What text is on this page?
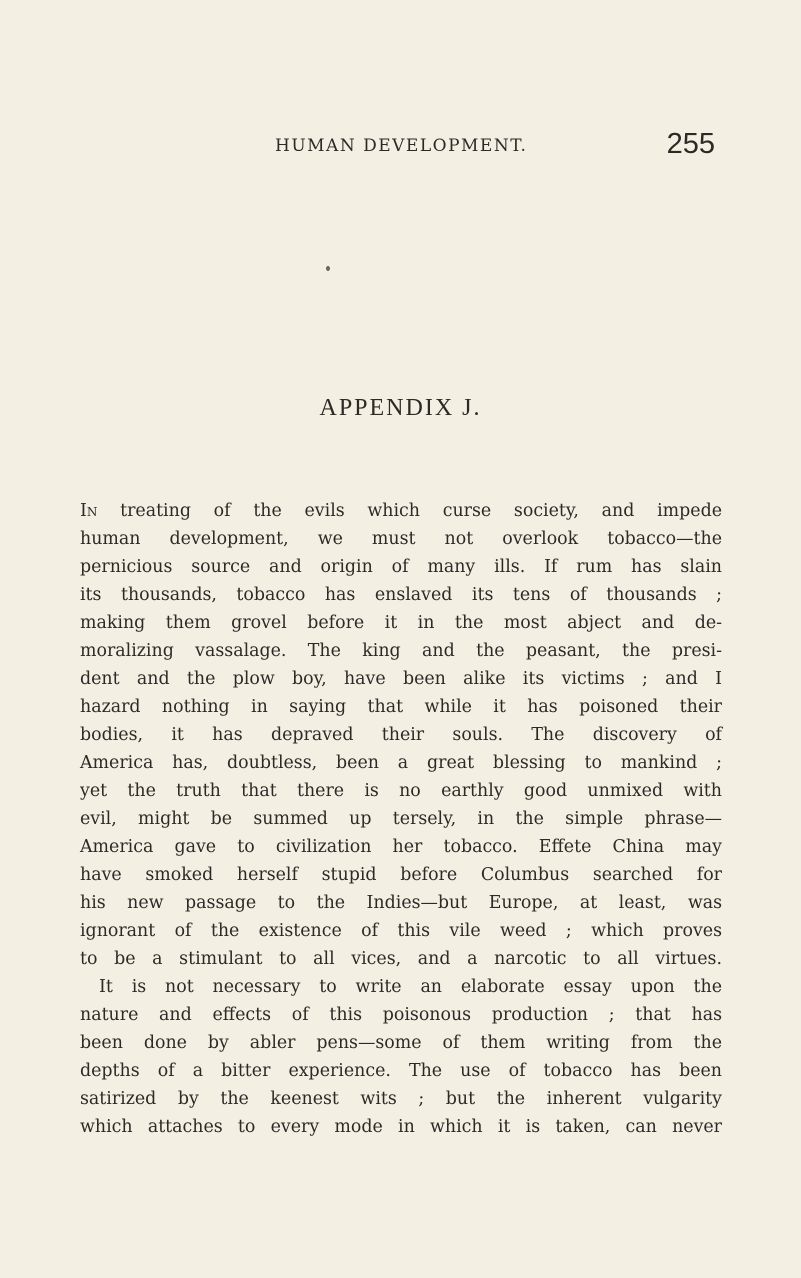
HUMAN DEVELOPMENT.	255
APPENDIX J.
In treating of the evils which curse society, and impede
human development, we must not overlook tobacco—the
pernicious source and origin of many ills. If rum has slain
its thousands, tobacco has enslaved its tens of thousands ;
making them grovel before it in the most abject and de-
moralizing vassalage. The king and the peasant, the presi-
dent and the plow boy, have been alike its victims ; and I
hazard nothing in saying that while it has poisoned their
bodies, it has depraved their souls. The discovery of
America has, doubtless, been a great blessing to mankind ;
yet the truth that there is no earthly good unmixed with
evil, might be summed up tersely, in the simple phrase—
America gave to civilization her tobacco. Effete China may
have smoked herself stupid before Columbus searched for
his new passage to the Indies—but Europe, at least, was
ignorant of the existence of this vile weed ; which proves
to be a stimulant to all vices, and a narcotic to all virtues.
It is not necessary to write an elaborate essay upon the
nature and effects of this poisonous production ; that has
been done by abler pens—some of them writing from the
depths of a bitter experience. The use of tobacco has been
satirized by the keenest wits ; but the inherent vulgarity
which attaches to every mode in which it is taken, can never
